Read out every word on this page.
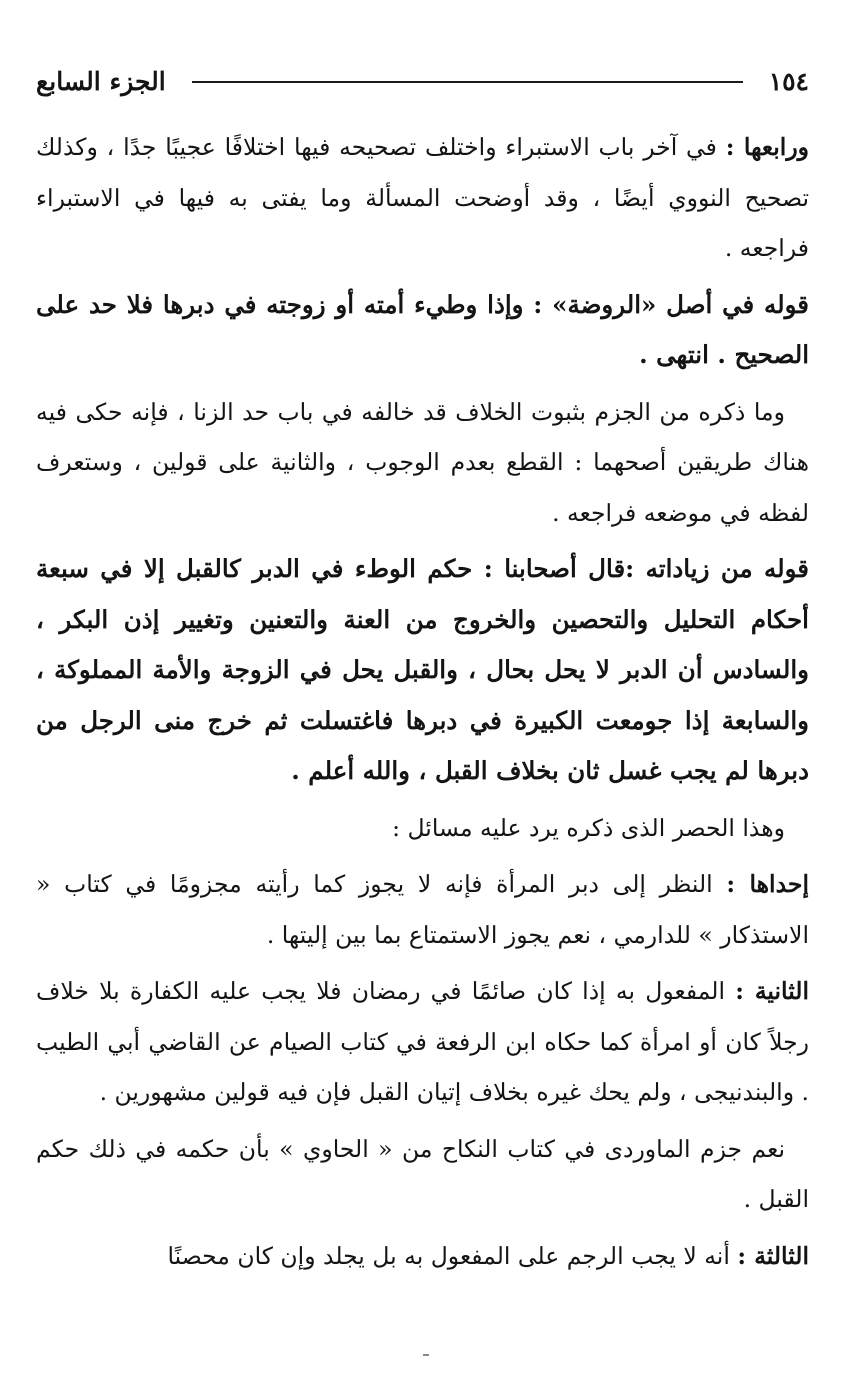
١٥٤
الجزء السابع

ورابعها : في آخر باب الاستبراء واختلف تصحيحه فيها اختلافًا عجيبًا جدًا ، وكذلك تصحيح النووي أيضًا ، وقد أوضحت المسألة وما يفتى به فيها في الاستبراء فراجعه .

قوله في أصل «الروضة» : وإذا وطيء أمته أو زوجته في دبرها فلا حد على الصحيح . انتهى .

وما ذكره من الجزم بثبوت الخلاف قد خالفه في باب حد الزنا ، فإنه حكى فيه هناك طريقين أصحهما : القطع بعدم الوجوب ، والثانية على قولين ، وستعرف لفظه في موضعه فراجعه .

قوله من زياداته :قال أصحابنا : حكم الوطء في الدبر كالقبل إلا في سبعة أحكام التحليل والتحصين والخروج من العنة والتعنين وتغيير إذن البكر ، والسادس أن الدبر لا يحل بحال ، والقبل يحل في الزوجة والأمة المملوكة ، والسابعة إذا جومعت الكبيرة في دبرها فاغتسلت ثم خرج منى الرجل من دبرها لم يجب غسل ثان بخلاف القبل ، والله أعلم .

وهذا الحصر الذى ذكره يرد عليه مسائل :

إحداها : النظر إلى دبر المرأة فإنه لا يجوز كما رأيته مجزومًا في كتاب « الاستذكار » للدارمي ، نعم يجوز الاستمتاع بما بين إليتها .

الثانية : المفعول به إذا كان صائمًا في رمضان فلا يجب عليه الكفارة بلا خلاف رجلاً كان أو امرأة كما حكاه ابن الرفعة في كتاب الصيام عن القاضي أبي الطيب . والبندنيجى ، ولم يحك غيره بخلاف إتيان القبل فإن فيه قولين مشهورين .

نعم جزم الماوردى في كتاب النكاح من « الحاوي » بأن حكمه في ذلك حكم القبل .

الثالثة : أنه لا يجب الرجم على المفعول به بل يجلد وإن كان محصنًا
